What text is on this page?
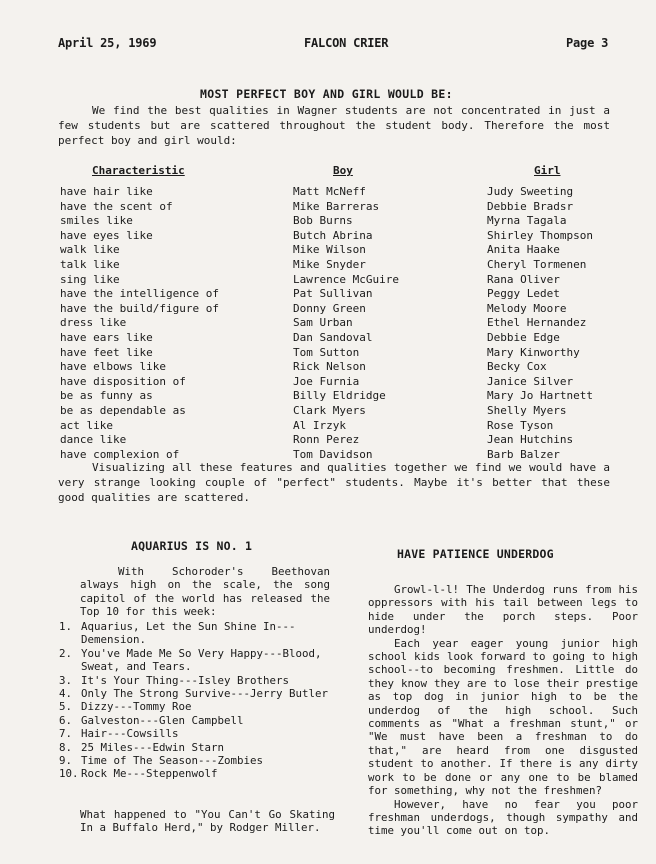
April 25, 1969	FALCON CRIER	Page 3
MOST PERFECT BOY AND GIRL WOULD BE:
We find the best qualities in Wagner students are not concentrated in just a few students but are scattered throughout the student body. Therefore the most perfect boy and girl would:
Characteristic	Boy	Girl
have hair like	Matt McNeff	Judy Sweeting
have the scent of	Mike Barreras	Debbie Bradsr
smiles like	Bob Burns	Myrna Tagala
have eyes like	Butch Abrina	Shirley Thompson
walk like	Mike Wilson	Anita Haake
talk like	Mike Snyder	Cheryl Tormenen
sing like	Lawrence McGuire	Rana Oliver
have the intelligence of	Pat Sullivan	Peggy Ledet
have the build/figure of	Donny Green	Melody Moore
dress like	Sam Urban	Ethel Hernandez
have ears like	Dan Sandoval	Debbie Edge
have feet like	Tom Sutton	Mary Kinworthy
have elbows like	Rick Nelson	Becky Cox
have disposition of	Joe Furnia	Janice Silver
be as funny as	Billy Eldridge	Mary Jo Hartnett
be as dependable as	Clark Myers	Shelly Myers
act like	Al Irzyk	Rose Tyson
dance like	Ronn Perez	Jean Hutchins
have complexion of	Tom Davidson	Barb Balzer
Visualizing all these features and qualities together we find we would have a very strange looking couple of "perfect" students. Maybe it's better that these good qualities are scattered.
AQUARIUS IS NO. 1
With Schoroder's Beethovan always high on the scale, the song capitol of the world has released the Top 10 for this week:
1. Aquarius, Let the Sun Shine In---Demension.
2. You've Made Me So Very Happy---Blood, Sweat, and Tears.
3. It's Your Thing---Isley Brothers
4. Only The Strong Survive---Jerry Butler
5. Dizzy---Tommy Roe
6. Galveston---Glen Campbell
7. Hair---Cowsills
8. 25 Miles---Edwin Starn
9. Time of The Season---Zombies
10. Rock Me---Steppenwolf
What happened to "You Can't Go Skating In a Buffalo Herd," by Rodger Miller.
HAVE PATIENCE UNDERDOG

Growl-l-l! The Underdog runs from his oppressors with his tail between legs to hide under the porch steps. Poor underdog!

Each year eager young junior high school kids look forward to going to high school--to becoming freshmen. Little do they know they are to lose their prestige as top dog in junior high to be the underdog of the high school. Such comments as "What a freshman stunt," or "We must have been a freshman to do that," are heard from one disgusted student to another. If there is any dirty work to be done or any one to be blamed for something, why not the freshmen?

However, have no fear you poor freshman underdogs, though sympathy and time you'll come out on top.
